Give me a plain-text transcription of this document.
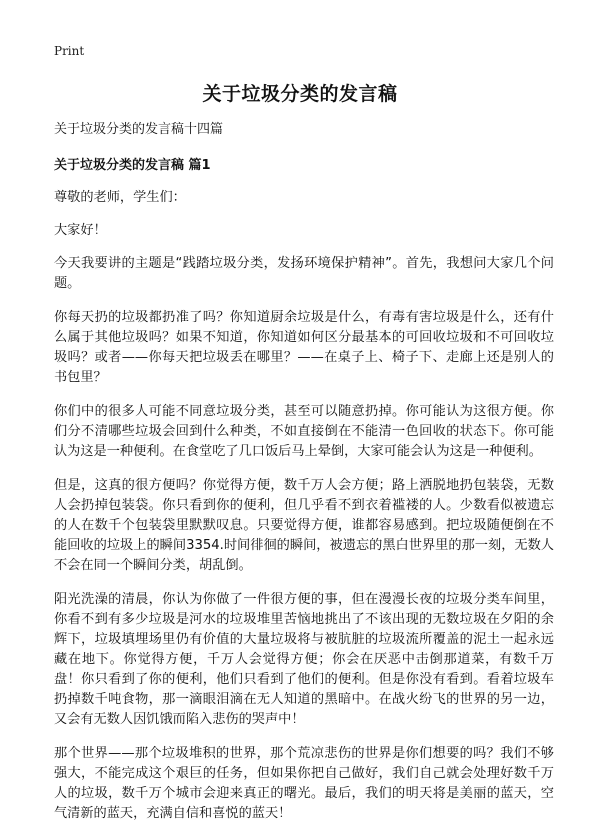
Print
关于垃圾分类的发言稿
关于垃圾分类的发言稿十四篇
关于垃圾分类的发言稿 篇1

尊敬的老师，学生们：

大家好！

今天我要讲的主题是“践踏垃圾分类，发扬环境保护精神”。首先，我想问大家几个问题。

你每天扔的垃圾都扔准了吗？你知道厨余垃圾是什么，有毒有害垃圾是什么，还有什么属于其他垃圾吗？如果不知道，你知道如何区分最基本的可回收垃圾和不可回收垃圾吗？或者——你每天把垃圾丢在哪里？——在桌子上、椅子下、走廊上还是别人的书包里？

你们中的很多人可能不同意垃圾分类，甚至可以随意扔掉。你可能认为这很方便。你们分不清哪些垃圾会回到什么种类，不如直接倒在不能清一色回收的状态下。你可能认为这是一种便利。在食堂吃了几口饭后马上晕倒，大家可能会认为这是一种便利。

但是，这真的很方便吗？你觉得方便，数千万人会方便；路上洒脱地扔包装袋，无数人会扔掉包装袋。你只看到你的便利，但几乎看不到衣着褴褛的人。少数看似被遗忘的人在数千个包装袋里默默叹息。只要觉得方便，谁都容易感到。把垃圾随便倒在不能回收的垃圾上的瞬间3354.时间徘徊的瞬间，被遗忘的黑白世界里的那一刻，无数人不会在同一个瞬间分类，胡乱倒。

阳光洗澡的清晨，你认为你做了一件很方便的事，但在漫漫长夜的垃圾分类车间里，你看不到有多少垃圾是河水的垃圾堆里苦恼地挑出了不该出现的无数垃圾在夕阳的余辉下，垃圾填埋场里仍有价值的大量垃圾将与被肮脏的垃圾流所覆盖的泥土一起永远藏在地下。你觉得方便，千万人会觉得方便；你会在厌恶中击倒那道菜，有数千万盘！你只看到了你的便利，他们只看到了他们的便利。但是你没有看到。看着垃圾车扔掉数千吨食物，那一滴眼泪滴在无人知道的黑暗中。在战火纷飞的世界的另一边，又会有无数人因饥饿而陷入悲伤的哭声中！

那个世界——那个垃圾堆积的世界，那个荒凉悲伤的世界是你们想要的吗？我们不够强大，不能完成这个艰巨的任务，但如果你把自己做好，我们自己就会处理好数千万人的垃圾，数千万个城市会迎来真正的曙光。最后，我们的明天将是美丽的蓝天，空气清新的蓝天，充满自信和喜悦的蓝天！
